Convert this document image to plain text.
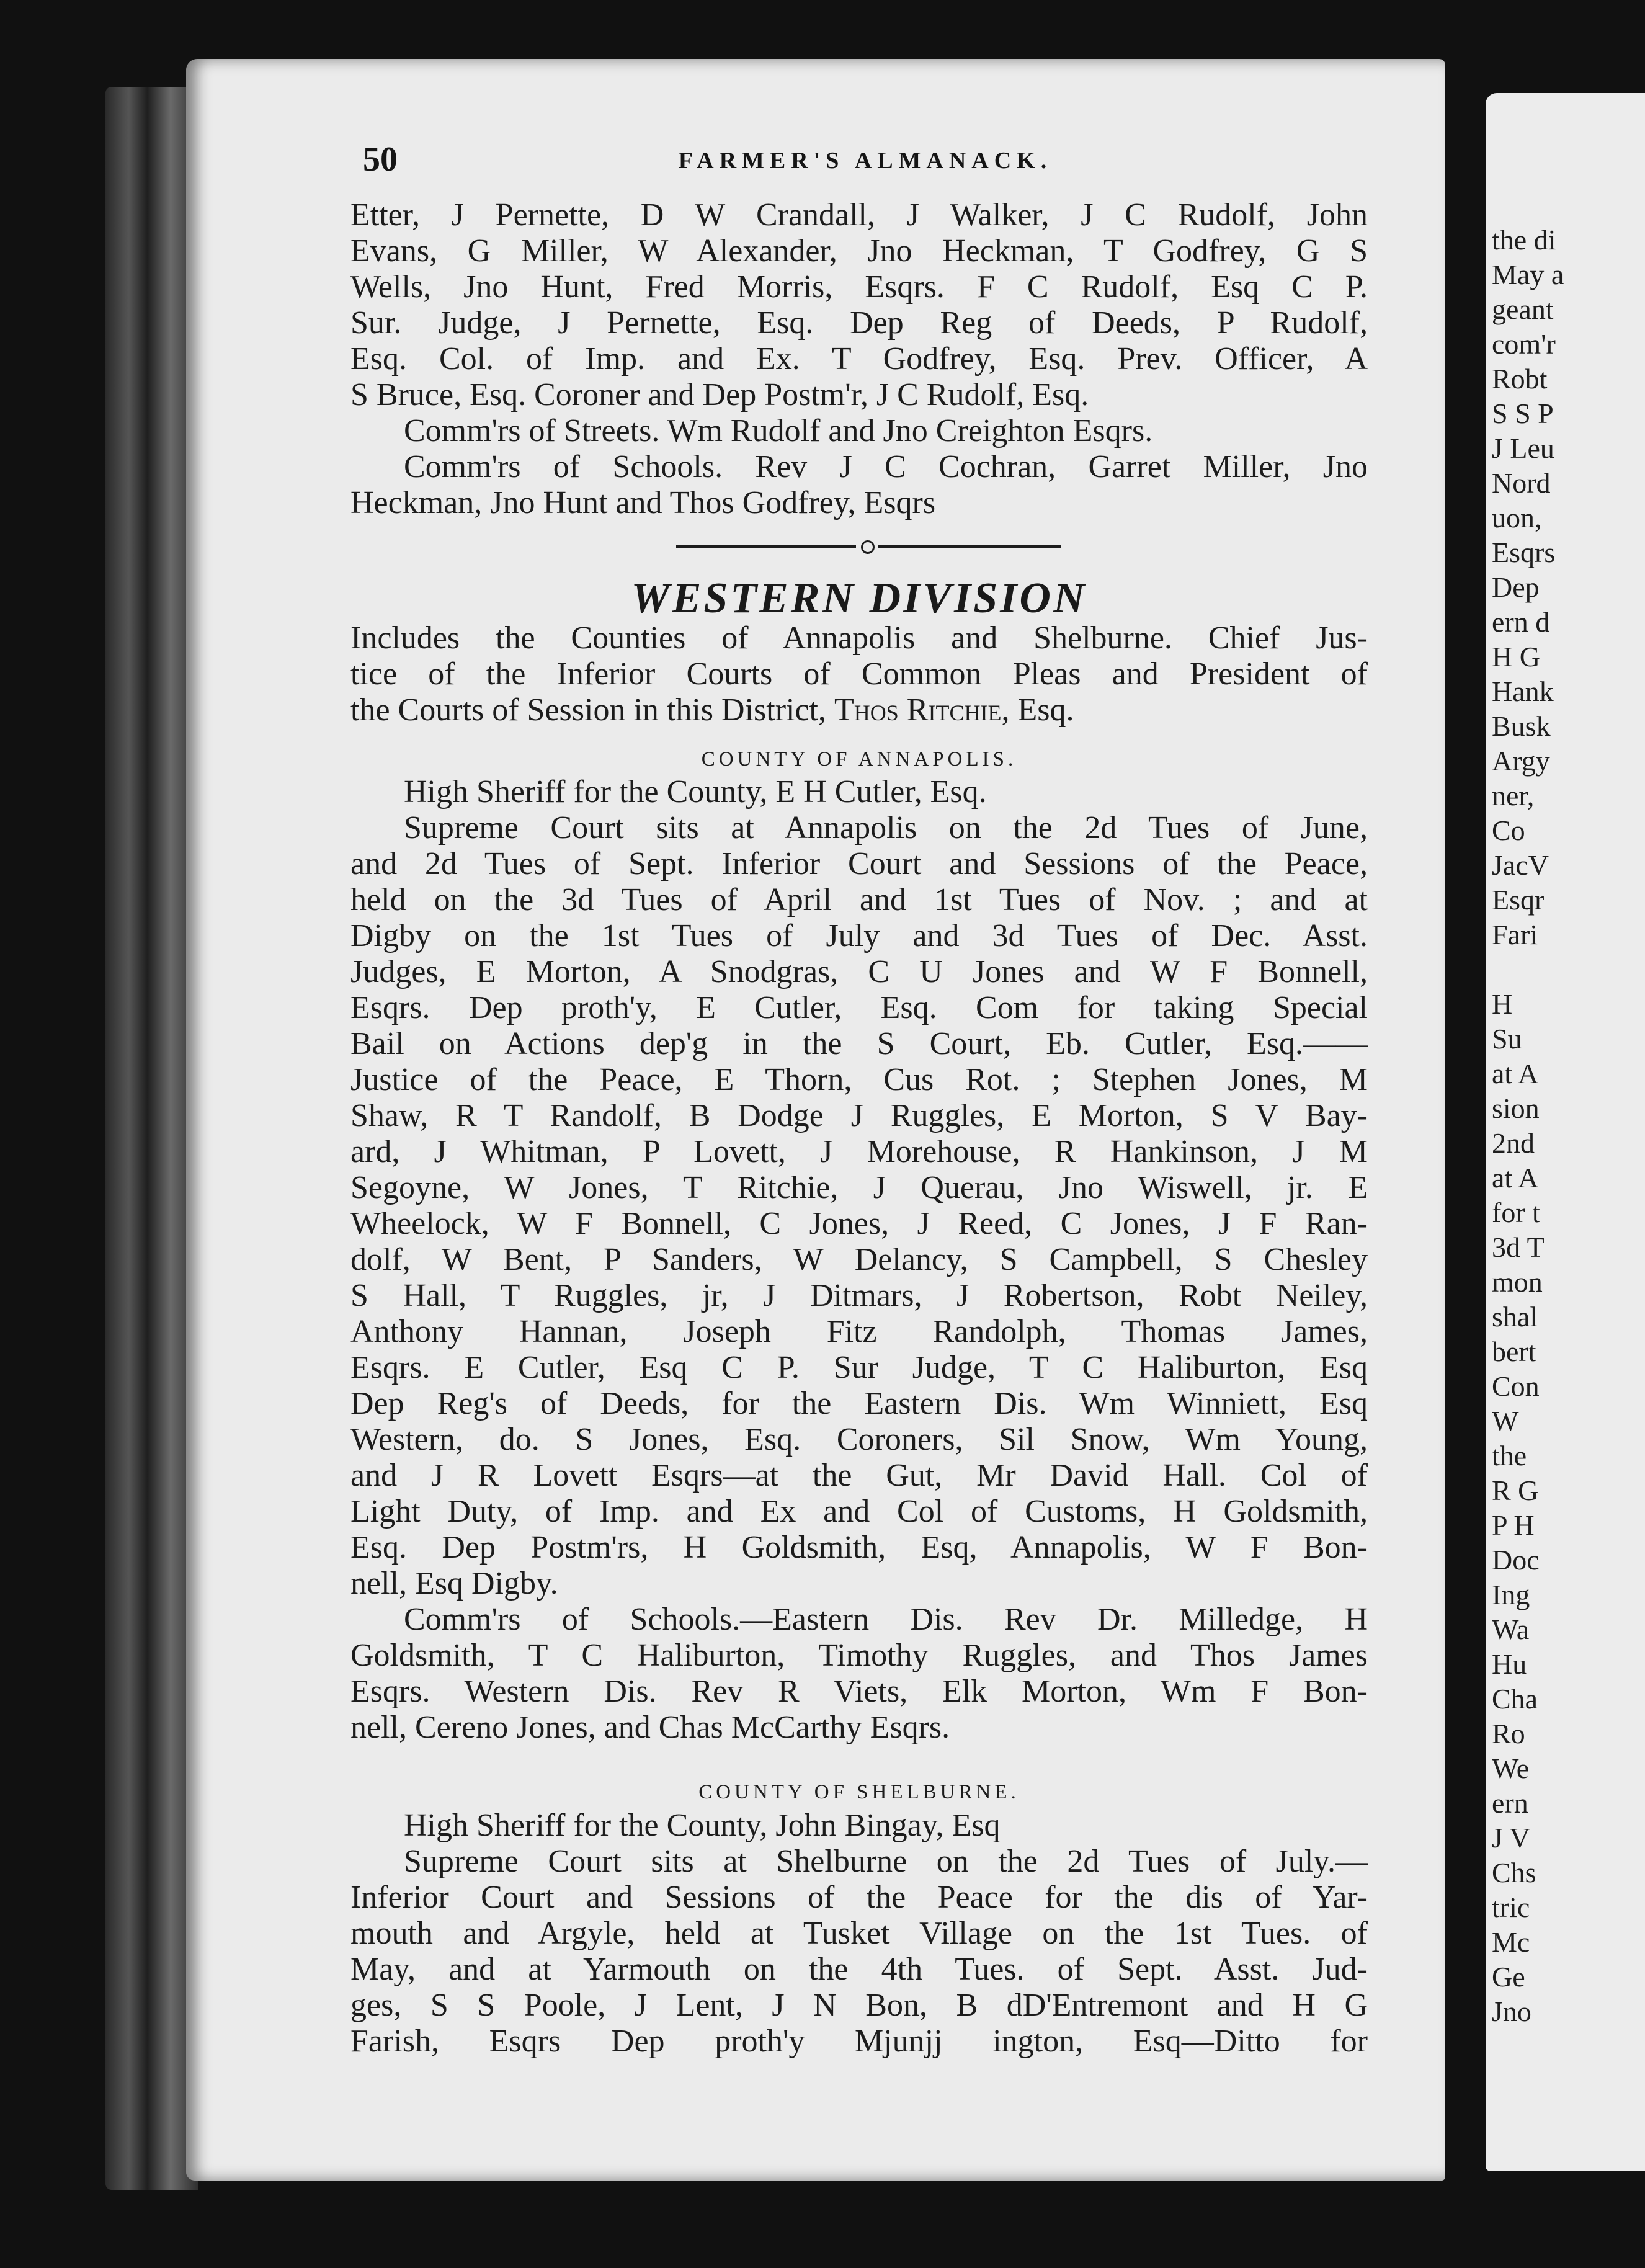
the di
May a
geant
com'r
Robt
S S P
J Leu
Nord
uon,
Esqrs
Dep
ern d
H G
Hank
Busk
Argy
ner,
Co
JacV
Esqr
Fari
H
Su
at A
sion
2nd
at A
for t
3d T
mon
shal
bert
Con
W
the
R G
P H
Doc
Ing
Wa
Hu
Cha
Ro
We
ern
J V
Chs
tric
Mc
Ge
Jno
50	FARMER'S ALMANACK.

Etter, J Pernette, D W Crandall, J Walker, J C Rudolf, John

Evans, G Miller, W Alexander, Jno Heckman, T Godfrey, G S

Wells, Jno Hunt, Fred Morris, Esqrs. F C Rudolf, Esq C P.

Sur. Judge, J Pernette, Esq. Dep Reg of Deeds, P Rudolf,

Esq. Col. of Imp. and Ex. T Godfrey, Esq. Prev. Officer, A

S Bruce, Esq. Coroner and Dep Postm'r, J C Rudolf, Esq.

Comm'rs of Streets. Wm Rudolf and Jno Creighton Esqrs.

Comm'rs of Schools. Rev J C Cochran, Garret Miller, Jno

Heckman, Jno Hunt and Thos Godfrey, Esqrs

WESTERN DIVISION

Includes the Counties of Annapolis and Shelburne. Chief Jus-

tice of the Inferior Courts of Common Pleas and President of

the Courts of Session in this District, Thos Ritchie, Esq.

COUNTY OF ANNAPOLIS.

High Sheriff for the County, E H Cutler, Esq.

Supreme Court sits at Annapolis on the 2d Tues of June,

and 2d Tues of Sept. Inferior Court and Sessions of the Peace,

held on the 3d Tues of April and 1st Tues of Nov. ; and at

Digby on the 1st Tues of July and 3d Tues of Dec. Asst.

Judges, E Morton, A Snodgras, C U Jones and W F Bonnell,

Esqrs. Dep proth'y, E Cutler, Esq. Com for taking Special

Bail on Actions dep'g in the S Court, Eb. Cutler, Esq.——

Justice of the Peace, E Thorn, Cus Rot. ; Stephen Jones, M

Shaw, R T Randolf, B Dodge J Ruggles, E Morton, S V Bay-

ard, J Whitman, P Lovett, J Morehouse, R Hankinson, J M

Segoyne, W Jones, T Ritchie, J Querau, Jno Wiswell, jr. E

Wheelock, W F Bonnell, C Jones, J Reed, C Jones, J F Ran-

dolf, W Bent, P Sanders, W Delancy, S Campbell, S Chesley

S Hall, T Ruggles, jr, J Ditmars, J Robertson, Robt Neiley,

Anthony Hannan, Joseph Fitz Randolph, Thomas James,

Esqrs. E Cutler, Esq C P. Sur Judge, T C Haliburton, Esq

Dep Reg's of Deeds, for the Eastern Dis. Wm Winniett, Esq

Western, do. S Jones, Esq. Coroners, Sil Snow, Wm Young,

and J R Lovett Esqrs—at the Gut, Mr David Hall. Col of

Light Duty, of Imp. and Ex and Col of Customs, H Goldsmith,

Esq. Dep Postm'rs, H Goldsmith, Esq, Annapolis, W F Bon-

nell, Esq Digby.

Comm'rs of Schools.—Eastern Dis. Rev Dr. Milledge, H

Goldsmith, T C Haliburton, Timothy Ruggles, and Thos James

Esqrs. Western Dis. Rev R Viets, Elk Morton, Wm F Bon-

nell, Cereno Jones, and Chas McCarthy Esqrs.

COUNTY OF SHELBURNE.

High Sheriff for the County, John Bingay, Esq

Supreme Court sits at Shelburne on the 2d Tues of July.—

Inferior Court and Sessions of the Peace for the dis of Yar-

mouth and Argyle, held at Tusket Village on the 1st Tues. of

May, and at Yarmouth on the 4th Tues. of Sept. Asst. Jud-

ges, S S Poole, J Lent, J N Bon, B dD'Entremont and H G

Farish, Esqrs Dep proth'y Mjunjj ington, Esq—Ditto for
